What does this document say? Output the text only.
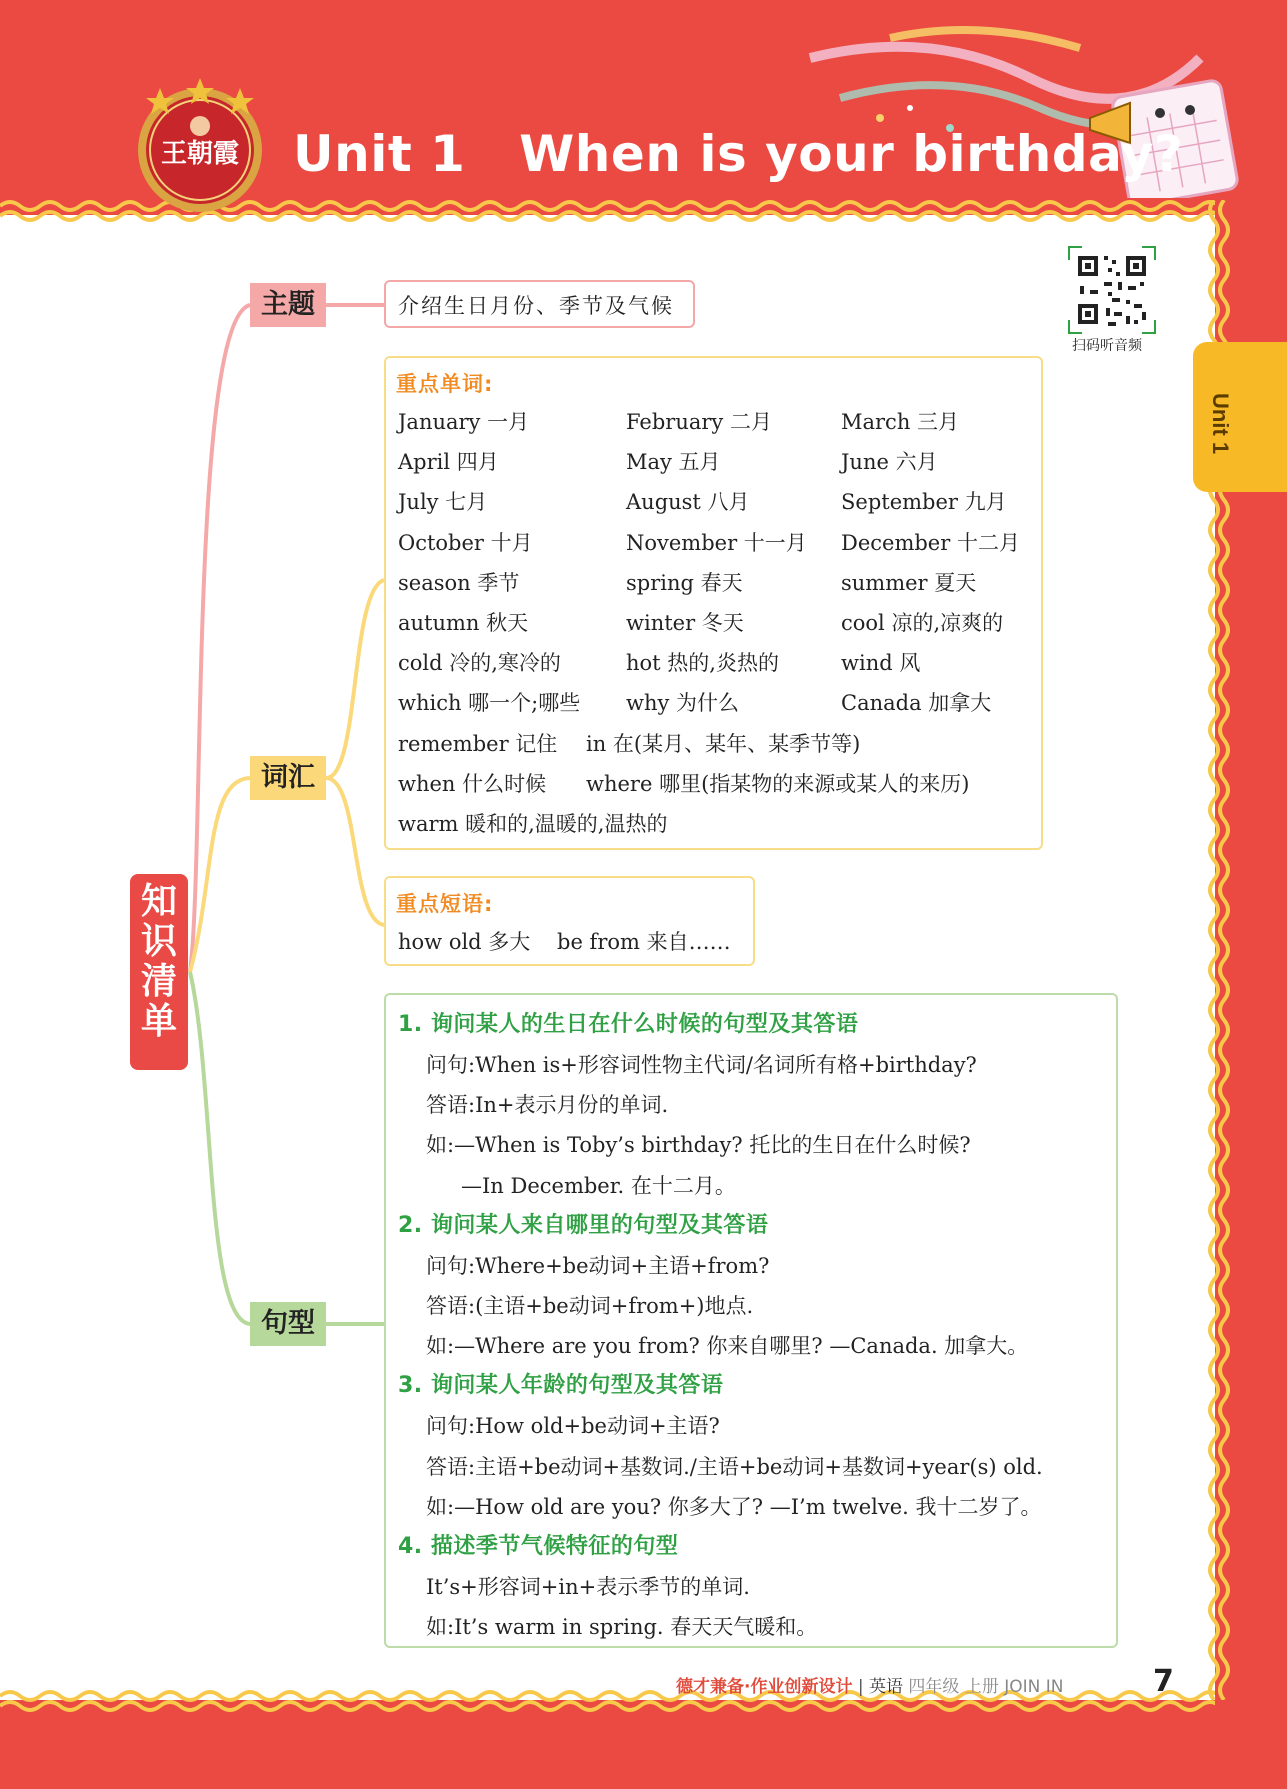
王朝霞 Unit 1   When is your birthday?
Unit 1
扫码听音频
知
识
清
单
主题
词汇
句型
介绍生日月份、季节及气候
重点单词:
January 一月	February 二月	March 三月
April 四月	May 五月	June 六月
July 七月	August 八月	September 九月
October 十月	November 十一月 December 十二月
season 季节	spring 春天	summer 夏天
autumn 秋天	winter 冬天	cool 凉的,凉爽的
cold 冷的,寒冷的	hot 热的,炎热的	wind 风
which 哪一个;哪些 why 为什么	Canada 加拿大
remember 记住 in 在(某月、某年、某季节等)
when 什么时候 where 哪里(指某物的来源或某人的来历)
warm 暖和的,温暖的,温热的
重点短语:
how old 多大    be from 来自……
1. 询问某人的生日在什么时候的句型及其答语
问句:When is+形容词性物主代词/名词所有格+birthday?
答语:In+表示月份的单词.
如:—When is Toby’s birthday? 托比的生日在什么时候?
—In December. 在十二月。
2. 询问某人来自哪里的句型及其答语
问句:Where+be动词+主语+from?
答语:(主语+be动词+from+)地点.
如:—Where are you from? 你来自哪里? —Canada. 加拿大。
3. 询问某人年龄的句型及其答语
问句:How old+be动词+主语?
答语:主语+be动词+基数词./主语+be动词+基数词+year(s) old.
如:—How old are you? 你多大了? —I’m twelve. 我十二岁了。
4. 描述季节气候特征的句型
It’s+形容词+in+表示季节的单词.
如:It’s warm in spring. 春天天气暖和。
德才兼备·作业创新设计 | 英语 四年级 上册 JOIN IN	7
